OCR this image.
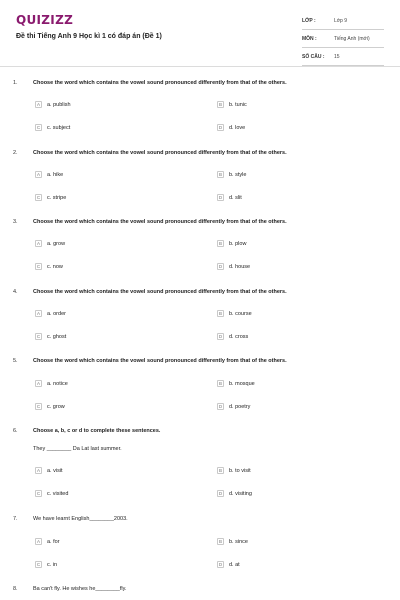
QUIZIZZ
Đề thi Tiếng Anh 9 Học kì 1 có đáp án (Đề 1)
LỚP :	Lớp 9
MÔN :	Tiếng Anh (mới)
SỐ CÂU :	15
1.	Choose the word which contains the vowel sound pronounced differently from that of the others.
A	a. publish	B	b. tunic
C	c. subject	D	d. love
2.	Choose the word which contains the vowel sound pronounced differently from that of the others.
A	a. hike	B	b. style
C	c. stripe	D	d. slit
3.	Choose the word which contains the vowel sound pronounced differently from that of the others.
A	a. grow	B	b. plow
C	c. now	D	d. house
4.	Choose the word which contains the vowel sound pronounced differently from that of the others.
A	a. order	B	b. course
C	c. ghost	D	d. cross
5.	Choose the word which contains the vowel sound pronounced differently from that of the others.
A	a. notice	B	b. mosque
C	c. grow	D	d. poetry
6.	Choose a, b, c or d to complete these sentences.
They ________ Da Lat last summer.
A	a. visit	B	b. to visit
C	c. visited	D	d. visiting
7.	We have learnt English________2003.
A	a. for	B	b. since
C	c. in	D	d. at
8.	Ba can't fly. He wishes he________fly.
